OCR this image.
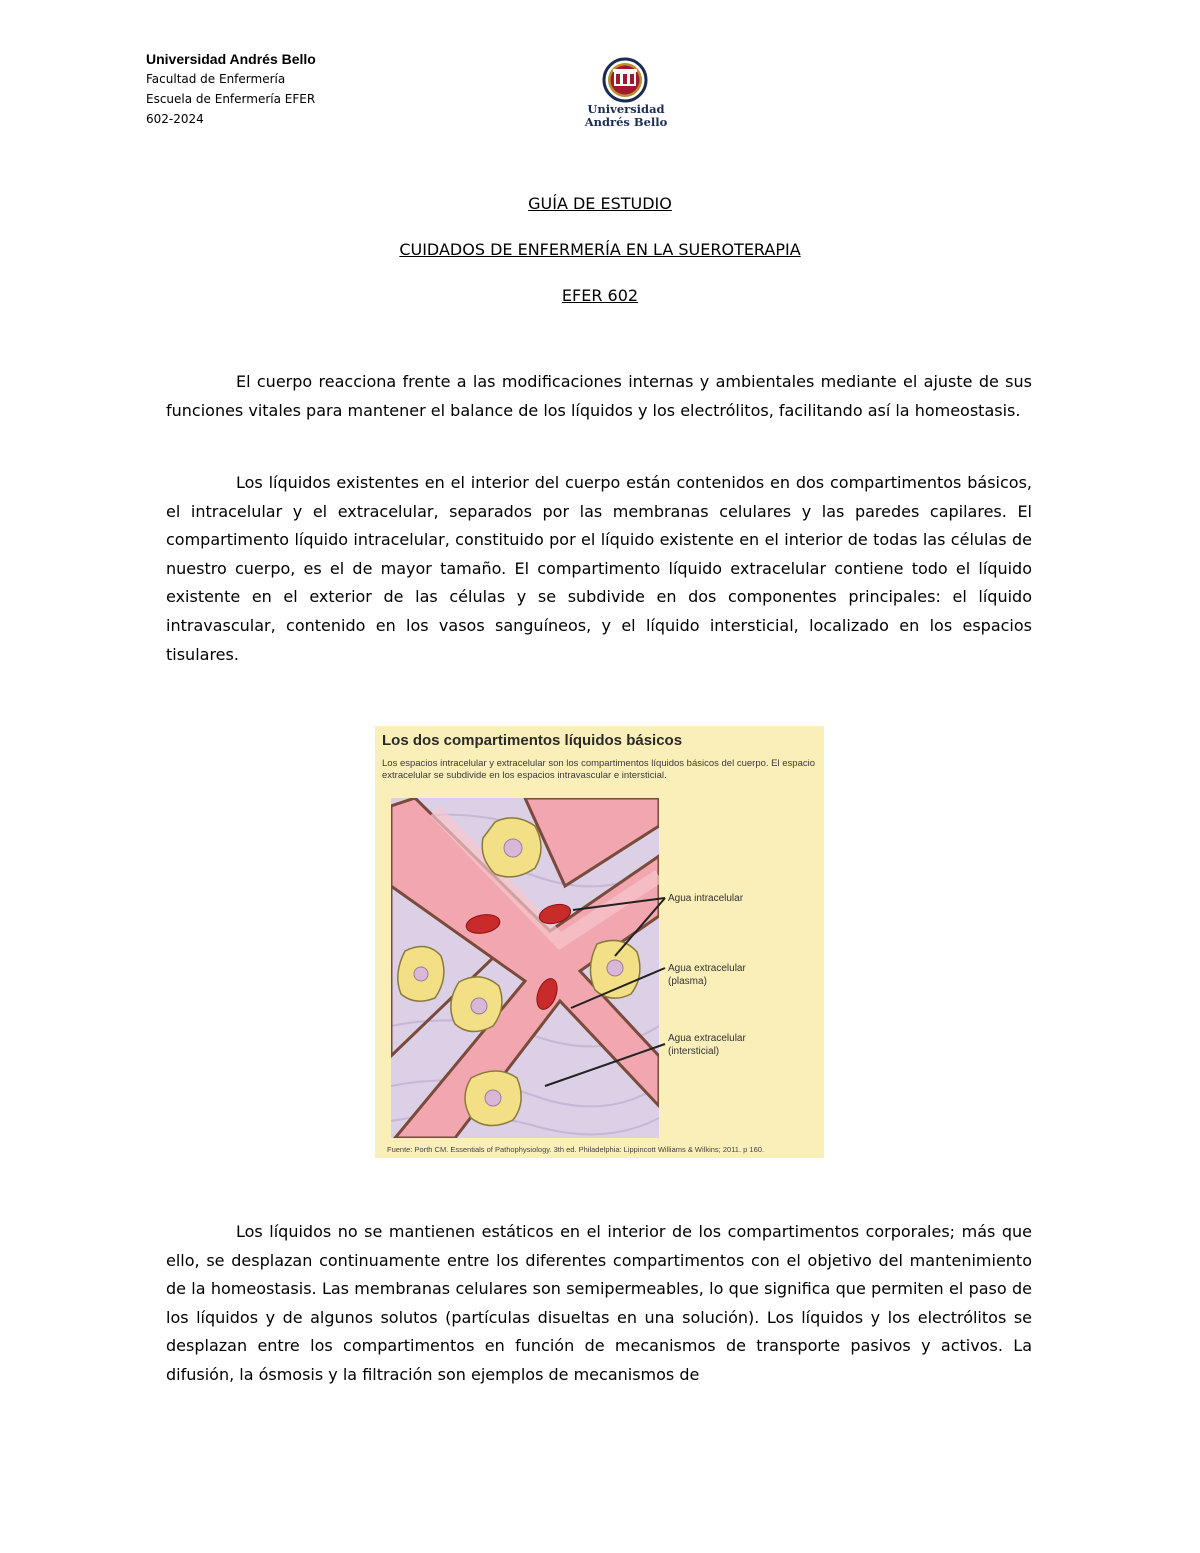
Universidad Andrés Bello
Facultad de Enfermería
Escuela de Enfermería EFER
602-2024
Universidad
Andrés Bello
GUÍA DE ESTUDIO
CUIDADOS DE ENFERMERÍA EN LA SUEROTERAPIA
EFER 602

El cuerpo reacciona frente a las modificaciones internas y ambientales mediante el ajuste de sus funciones vitales para mantener el balance de los líquidos y los electrólitos, facilitando así la homeostasis.

Los líquidos existentes en el interior del cuerpo están contenidos en dos compartimentos básicos, el intracelular y el extracelular, separados por las membranas celulares y las paredes capilares. El compartimento líquido intracelular, constituido por el líquido existente en el interior de todas las células de nuestro cuerpo, es el de mayor tamaño. El compartimento líquido extracelular contiene todo el líquido existente en el exterior de las células y se subdivide en dos componentes principales: el líquido intravascular, contenido en los vasos sanguíneos, y el líquido intersticial, localizado en los espacios tisulares.

Los dos compartimentos líquidos básicos
Los espacios intracelular y extracelular son los compartimentos líquidos básicos del cuerpo. El espacio extracelular se subdivide en los espacios intravascular e intersticial.
Agua intracelular
Agua extracelular
(plasma)
Agua extracelular
(intersticial)
Fuente: Porth CM. Essentials of Pathophysiology. 3th ed. Philadelphia: Lippincott Williams & Wilkins; 2011. p 160.

Los líquidos no se mantienen estáticos en el interior de los compartimentos corporales; más que ello, se desplazan continuamente entre los diferentes compartimentos con el objetivo del mantenimiento de la homeostasis. Las membranas celulares son semipermeables, lo que significa que permiten el paso de los líquidos y de algunos solutos (partículas disueltas en una solución). Los líquidos y los electrólitos se desplazan entre los compartimentos en función de mecanismos de transporte pasivos y activos. La difusión, la ósmosis y la filtración son ejemplos de mecanismos de
